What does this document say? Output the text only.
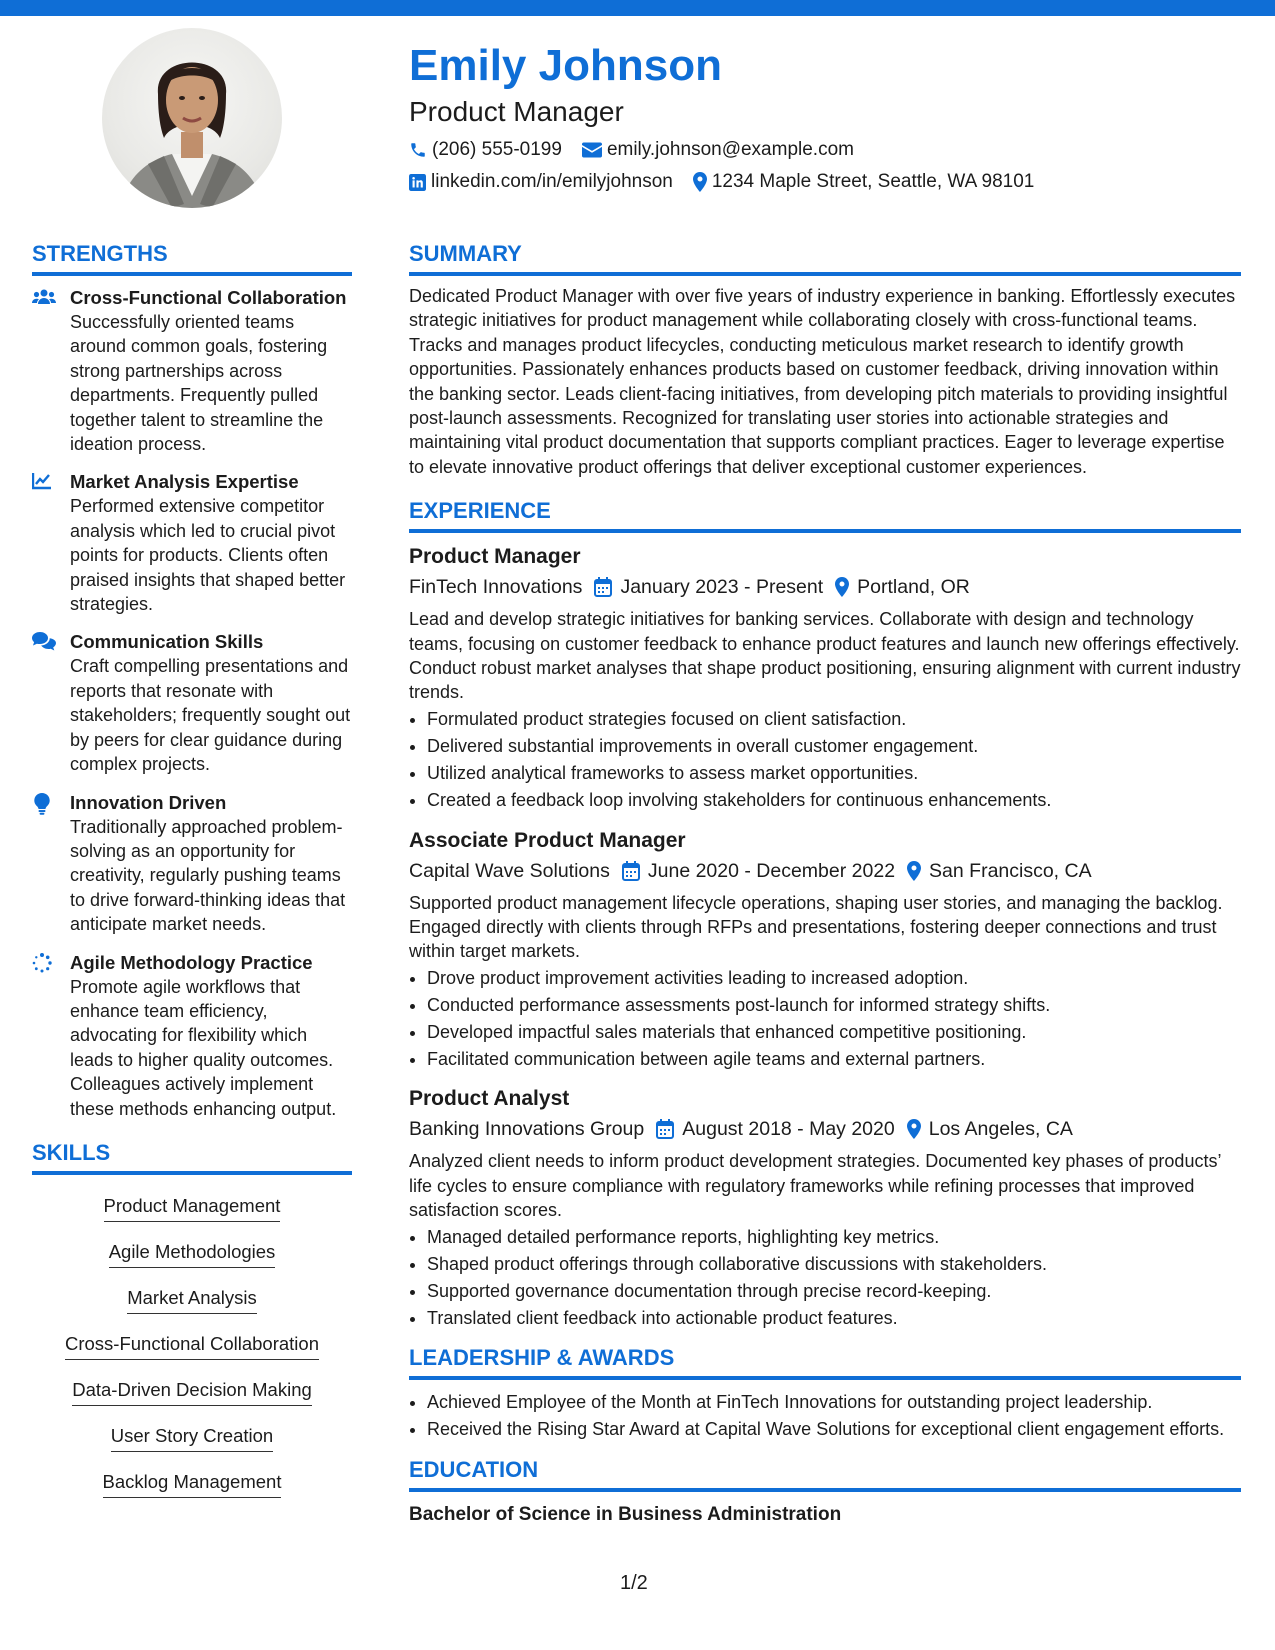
Emily Johnson
Product Manager
(206) 555-0199 emily.johnson@example.com
linkedin.com/in/emilyjohnson 1234 Maple Street, Seattle, WA 98101
STRENGTHS
Cross-Functional Collaboration
Successfully oriented teams around common goals, fostering strong partnerships across departments. Frequently pulled together talent to streamline the ideation process.
Market Analysis Expertise
Performed extensive competitor analysis which led to crucial pivot points for products. Clients often praised insights that shaped better strategies.
Communication Skills
Craft compelling presentations and reports that resonate with stakeholders; frequently sought out by peers for clear guidance during complex projects.
Innovation Driven
Traditionally approached problem-solving as an opportunity for creativity, regularly pushing teams to drive forward-thinking ideas that anticipate market needs.
Agile Methodology Practice
Promote agile workflows that enhance team efficiency, advocating for flexibility which leads to higher quality outcomes. Colleagues actively implement these methods enhancing output.
SKILLS
Product Management
Agile Methodologies
Market Analysis
Cross-Functional Collaboration
Data-Driven Decision Making
User Story Creation
Backlog Management
SUMMARY
Dedicated Product Manager with over five years of industry experience in banking. Effortlessly executes strategic initiatives for product management while collaborating closely with cross-functional teams. Tracks and manages product lifecycles, conducting meticulous market research to identify growth opportunities. Passionately enhances products based on customer feedback, driving innovation within the banking sector. Leads client-facing initiatives, from developing pitch materials to providing insightful post-launch assessments. Recognized for translating user stories into actionable strategies and maintaining vital product documentation that supports compliant practices. Eager to leverage expertise to elevate innovative product offerings that deliver exceptional customer experiences.
EXPERIENCE
Product Manager
FinTech Innovations January 2023 - Present Portland, OR
Lead and develop strategic initiatives for banking services. Collaborate with design and technology teams, focusing on customer feedback to enhance product features and launch new offerings effectively. Conduct robust market analyses that shape product positioning, ensuring alignment with current industry trends.
• Formulated product strategies focused on client satisfaction.
• Delivered substantial improvements in overall customer engagement.
• Utilized analytical frameworks to assess market opportunities.
• Created a feedback loop involving stakeholders for continuous enhancements.
Associate Product Manager
Capital Wave Solutions June 2020 - December 2022 San Francisco, CA
Supported product management lifecycle operations, shaping user stories, and managing the backlog. Engaged directly with clients through RFPs and presentations, fostering deeper connections and trust within target markets.
• Drove product improvement activities leading to increased adoption.
• Conducted performance assessments post-launch for informed strategy shifts.
• Developed impactful sales materials that enhanced competitive positioning.
• Facilitated communication between agile teams and external partners.
Product Analyst
Banking Innovations Group August 2018 - May 2020 Los Angeles, CA
Analyzed client needs to inform product development strategies. Documented key phases of products’ life cycles to ensure compliance with regulatory frameworks while refining processes that improved satisfaction scores.
• Managed detailed performance reports, highlighting key metrics.
• Shaped product offerings through collaborative discussions with stakeholders.
• Supported governance documentation through precise record-keeping.
• Translated client feedback into actionable product features.
LEADERSHIP & AWARDS
• Achieved Employee of the Month at FinTech Innovations for outstanding project leadership.
• Received the Rising Star Award at Capital Wave Solutions for exceptional client engagement efforts.
EDUCATION
Bachelor of Science in Business Administration
1/2
